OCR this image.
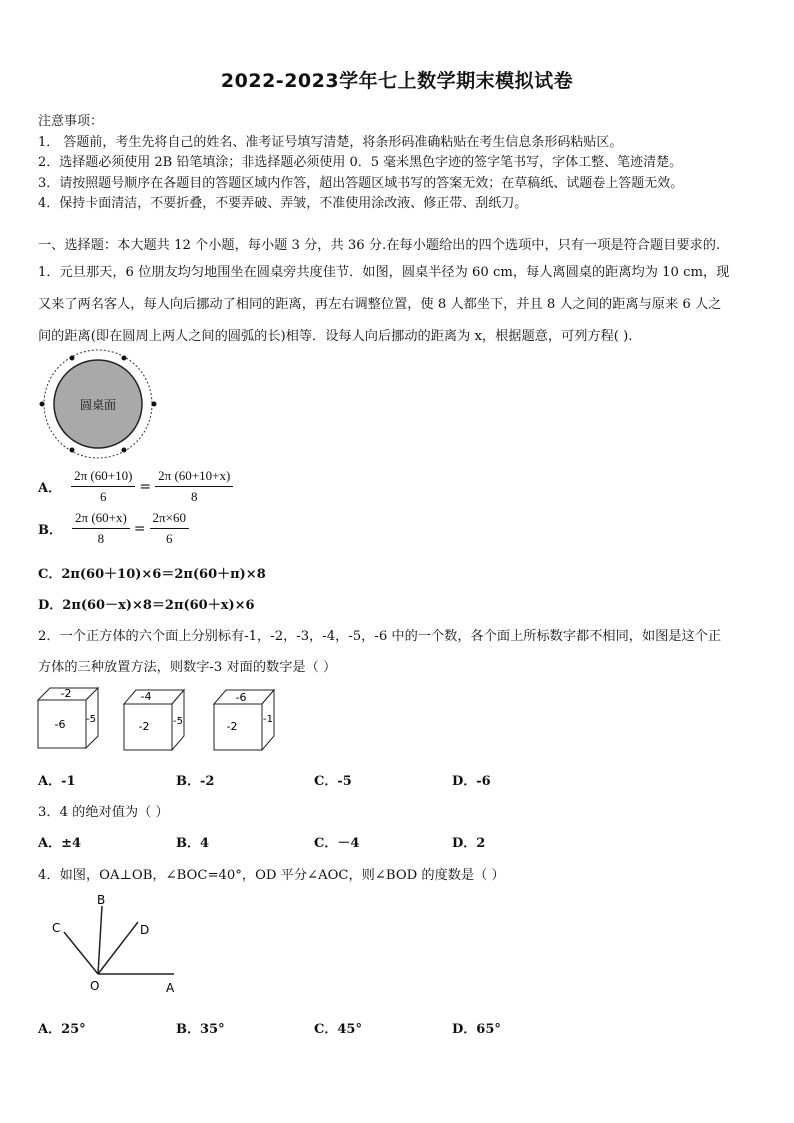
2022-2023学年七上数学期末模拟试卷
注意事项：
1． 答题前，考生先将自己的姓名、准考证号填写清楚，将条形码准确粘贴在考生信息条形码粘贴区。
2．选择题必须使用 2B 铅笔填涂；非选择题必须使用 0．5 毫米黑色字迹的签字笔书写，字体工整、笔迹清楚。
3．请按照题号顺序在各题目的答题区域内作答，超出答题区域书写的答案无效；在草稿纸、试题卷上答题无效。
4．保持卡面清洁，不要折叠，不要弄破、弄皱，不准使用涂改液、修正带、刮纸刀。
一、选择题：本大题共 12 个小题，每小题 3 分，共 36 分.在每小题给出的四个选项中，只有一项是符合题目要求的.
1．元旦那天，6 位朋友均匀地围坐在圆桌旁共度佳节．如图，圆桌半径为 60 cm，每人离圆桌的距离均为 10 cm，现
又来了两名客人，每人向后挪动了相同的距离，再左右调整位置，使 8 人都坐下，并且 8 人之间的距离与原来 6 人之
间的距离(即在圆周上两人之间的圆弧的长)相等．设每人向后挪动的距离为 x，根据题意，可列方程( ).
圆桌面
A． $\frac{2\pi (60+10)}{6} = \frac{2\pi (60+10+x)}{8}$
B． $\frac{2\pi (60+x)}{8} = \frac{2\pi\times 60}{6}$
C．2π(60＋10)×6＝2π(60＋π)×8
D．2π(60－x)×8＝2π(60＋x)×6
2．一个正方体的六个面上分别标有-1，-2，-3，-4，-5，-6 中的一个数，各个面上所标数字都不相同，如图是这个正
方体的三种放置方法，则数字-3 对面的数字是（ ）
-2
-6 -5
-4
-2 -5
-6
-2
-1
A．-1	B．-2	C．-5	D．-6
3．4 的绝对值为（ ）
A．±4	B．4	C．－4	D．2
4．如图，OA⊥OB，∠BOC=40°，OD 平分∠AOC，则∠BOD 的度数是（ ）
B
C	D
O	A
A．25°	B．35°	C．45°	D．65°
